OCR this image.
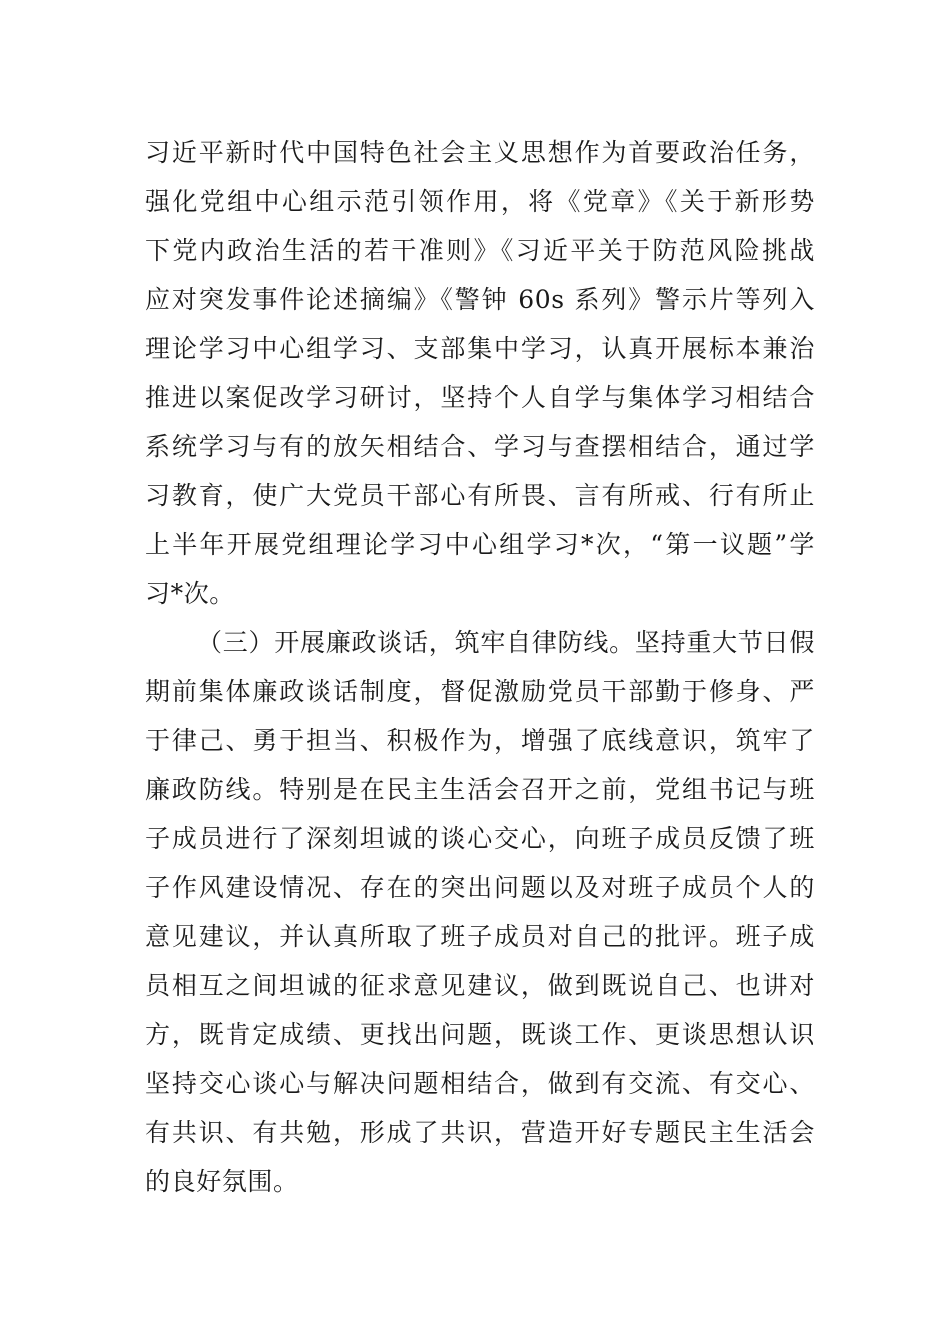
习近平新时代中国特色社会主义思想作为首要政治任务，
强化党组中心组示范引领作用，将《党章》《关于新形势
下党内政治生活的若干准则》《习近平关于防范风险挑战
应对突发事件论述摘编》《警钟 60s 系列》警示片等列入
理论学习中心组学习、支部集中学习，认真开展标本兼治
推进以案促改学习研讨，坚持个人自学与集体学习相结合
系统学习与有的放矢相结合、学习与查摆相结合，通过学
习教育，使广大党员干部心有所畏、言有所戒、行有所止
上半年开展党组理论学习中心组学习*次，“第一议题”学
习*次。
（三）开展廉政谈话，筑牢自律防线。坚持重大节日假
期前集体廉政谈话制度，督促激励党员干部勤于修身、严
于律己、勇于担当、积极作为，增强了底线意识，筑牢了
廉政防线。特别是在民主生活会召开之前，党组书记与班
子成员进行了深刻坦诚的谈心交心，向班子成员反馈了班
子作风建设情况、存在的突出问题以及对班子成员个人的
意见建议，并认真所取了班子成员对自己的批评。班子成
员相互之间坦诚的征求意见建议，做到既说自己、也讲对
方，既肯定成绩、更找出问题，既谈工作、更谈思想认识
坚持交心谈心与解决问题相结合，做到有交流、有交心、
有共识、有共勉，形成了共识，营造开好专题民主生活会
的良好氛围。
